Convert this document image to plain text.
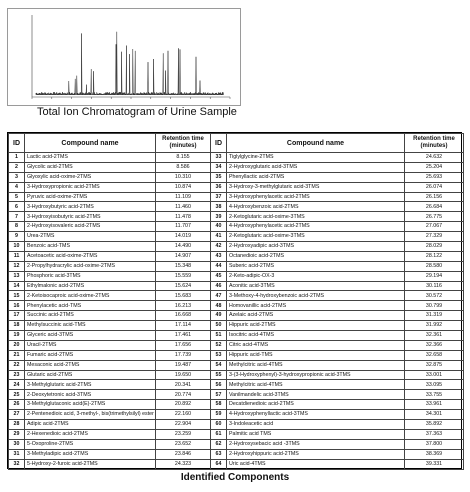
Total Ion Chromatogram of Urine Sample
ID	Compound name	Retention time
(minutes)	ID	Compound name	Retention time
(minutes)
1	Lactic acid-2TMS	8.155	33	Tiglylglycine-2TMS	24.632
2	Glycolic acid-2TMS	8.586	34	2-Hydroxyglutaric acid-3TMS	25.204
3	Glyoxylic acid-oxime-2TMS	10.310	35	Phenyllactic acid-2TMS	25.693
4	3-Hydroxypropionic acid-2TMS	10.874	36	3-Hydroxy-3-methylglutaric acid-3TMS	26.074
5	Pyruvic acid-oxime-2TMS	11.109	37	3-Hydroxyphenylacetic acid-2TMS	26.156
6	3-Hydroxybutyric acid-2TMS	11.460	38	4-Hydroxybenzoic acid-2TMS	26.684
7	3-Hydroxyisobutyric acid-2TMS	11.478	39	2-Ketoglutaric acid-oxime-3TMS	26.775
8	2-Hydroxyisovaleric acid-2TMS	11.707	40	4-Hydroxyphenylacetic acid-2TMS	27.067
9	Urea-2TMS	14.019	41	2-Ketoglutaric acid-oxime-3TMS	27.329
10	Benzoic acid-TMS	14.490	42	2-Hydroxyadipic acid-3TMS	28.029
11	Acetoacetic acid-oxime-2TMS	14.907	43	Octanedioic acid-2TMS	28.122
12	2-Propylhydracrylic acid-oxime-2TMS	15.348	44	Suberic acid-2TMS	28.580
13	Phosphoric acid-3TMS	15.559	45	2-Keto-adipic-OX-3	29.194
14	Ethylmalonic acid-2TMS	15.624	46	Aconitic acid-3TMS	30.116
15	2-Ketoisocaproic acid-oxime-2TMS	15.683	47	3-Methoxy-4-hydroxybenzoic acid-2TMS	30.572
16	Phenylacetic acid-TMS	16.213	48	Homovanillic acid-2TMS	30.799
17	Succinic acid-2TMS	16.668	49	Azelaic acid-2TMS	31.319
18	Methylsuccinic acid-TMS	17.114	50	Hippuric acid-2TMS	31.992
19	Glyceric acid-3TMS	17.461	51	Isocitric acid-4TMS	32.361
20	Uracil-2TMS	17.656	52	Citric acid-4TMS	32.366
21	Fumaric acid-2TMS	17.739	53	Hippuric acid-TMS	32.658
22	Mesaconic acid-2TMS	19.487	54	Methylcitric acid-4TMS	32.875
23	Glutaric acid-2TMS	19.650	55	3-(3-Hydroxyphenyl)-3-hydroxypropionic acid-3TMS	33.001
24	3-Methylglutaric acid-2TMS	20.341	56	Methylcitric acid-4TMS	33.095
25	2-Deoxytetronic acid-3TMS	20.774	57	Vanilmandelic acid-3TMS	33.755
26	3-Methylglutaconic acid(E)-2TMS	20.892	58	Decatdienedioic acid-2TMS	33.961
27	2-Pentenedioic acid, 3-methyl-, bis(trimethylsilyl) ester	22.160	59	4-Hydroxyphenyllactic acid-3TMS	34.301
28	Adipic acid-2TMS	22.904	60	3-Indoleacetic acid	35.892
29	2-Hexenedioic acid-2TMS	23.259	61	Palmitic acid TMS	37.363
30	5-Oxoproline-2TMS	23.652	62	2-Hydroxysebacic acid -3TMS	37.800
31	3-Methyladipic acid-2TMS	23.846	63	2-Hydroxyhippuric acid-2TMS	38.369
32	5-Hydroxy-2-furoic acid-2TMS	24.323	64	Uric acid-4TMS	39.331
Identified Components
